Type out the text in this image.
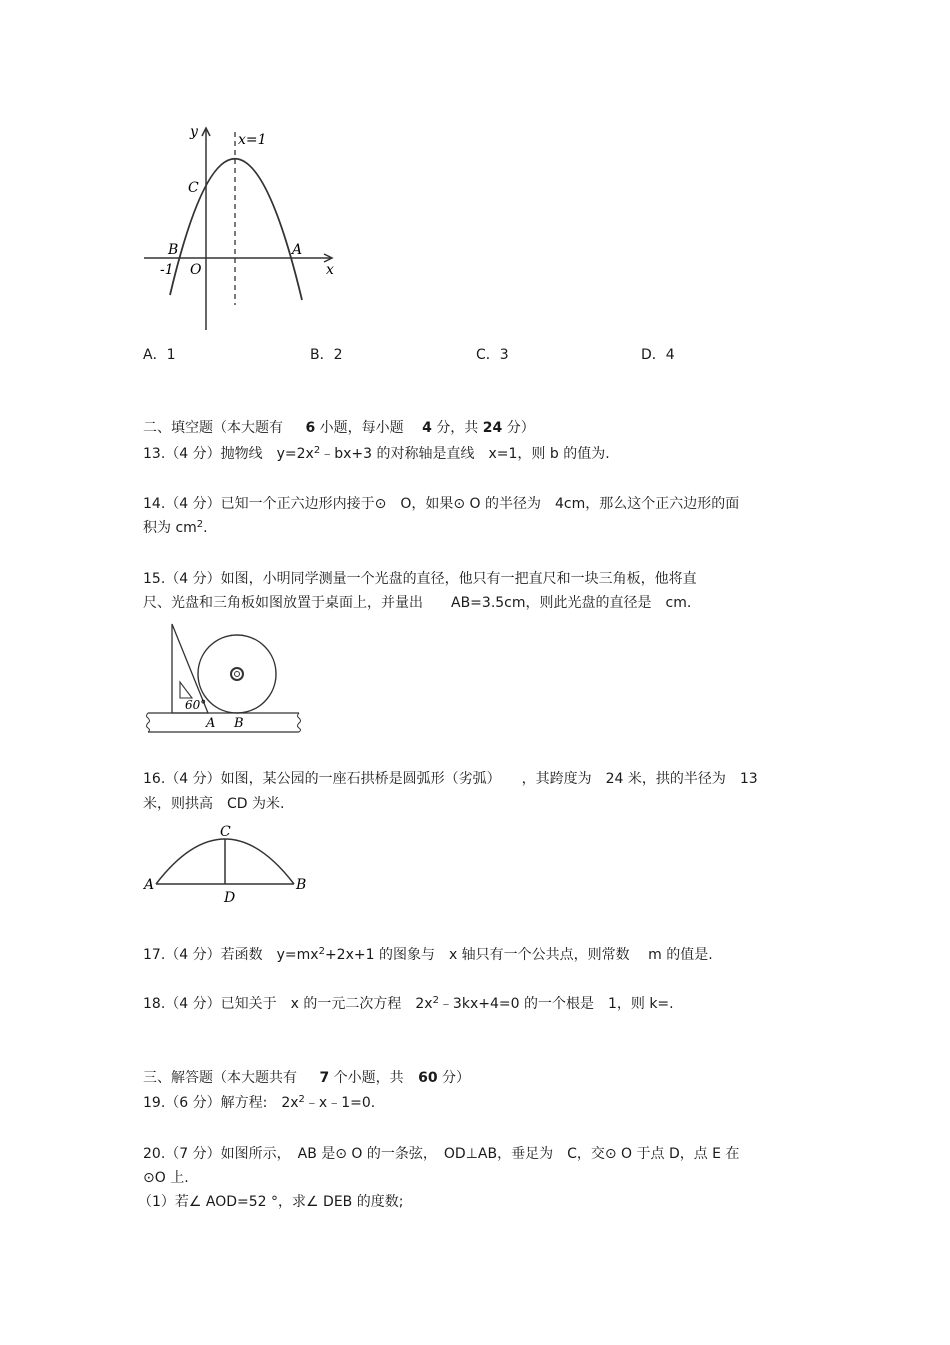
y	x=1
C
B	A
-1 O	x
A．1	B．2	C．3	D．4
二、填空题（本大题有 6 小题，每小题 4 分，共 24 分）
13.（4 分）抛物线　$y=2x^2﹣bx+3$ 的对称轴是直线　x=1，则 b 的值为.
14.（4 分）已知一个正六边形内接于⊙　O，如果⊙ O 的半径为　4cm，那么这个正六边形的面
积为 $cm^2$.
15.（4 分）如图，小明同学测量一个光盘的直径，他只有一把直尺和一块三角板，他将直
尺、光盘和三角板如图放置于桌面上，并量出　　AB=3.5cm，则此光盘的直径是　cm.
60°
A B
16.（4 分）如图，某公园的一座石拱桥是圆弧形（劣弧）　　，其跨度为　24 米，拱的半径为　13
米，则拱高　CD 为米.
A	B
C
D
17.（4 分）若函数　$y=mx^2+2x+1$ 的图象与　x 轴只有一个公共点，则常数　 m 的值是.
18.（4 分）已知关于　x 的一元二次方程　$2x^2﹣3kx+4=0$ 的一个根是　1，则 k=.
三、解答题（本大题共有 7 个小题，共 60 分）
19.（6 分）解方程:　$2x^2﹣x﹣1=0$.
20.（7 分）如图所示，　AB 是⊙ O 的一条弦，　OD⊥AB，垂足为　C，交⊙ O 于点 D，点 E 在
⊙O 上.
（1）若∠ AOD=52 °，求∠ DEB 的度数;
